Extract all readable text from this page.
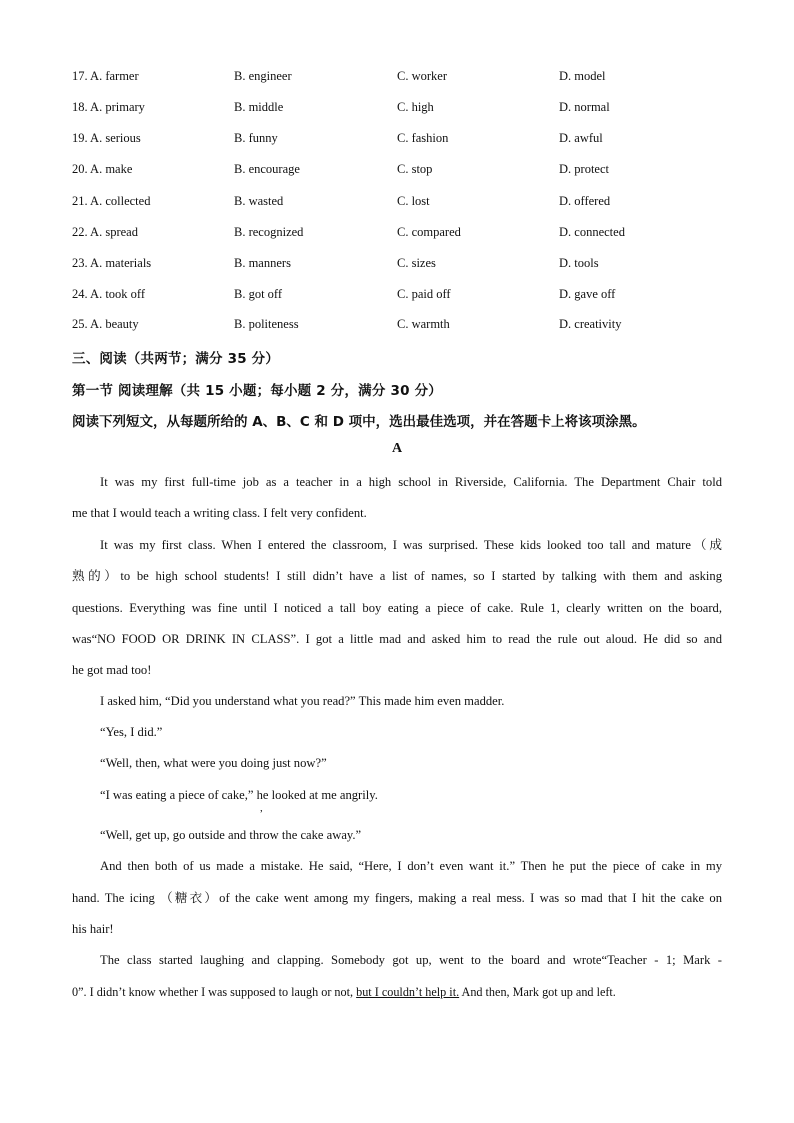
17. A. farmer	B. engineer	C. worker	D. model
18. A. primary	B. middle	C. high	D. normal
19. A. serious	B. funny	C. fashion	D. awful
20. A. make	B. encourage	C. stop	D. protect
21. A. collected	B. wasted	C. lost	D. offered
22. A. spread	B. recognized	C. compared	D. connected
23. A. materials	B. manners	C. sizes	D. tools
24. A. took off	B. got off	C. paid off	D. gave off
25. A. beauty	B. politeness	C. warmth	D. creativity
三、阅读（共两节；满分 35 分）
第一节 阅读理解（共 15 小题；每小题 2 分，满分 30 分）
阅读下列短文，从每题所给的 A、B、C 和 D 项中，选出最佳选项，并在答题卡上将该项涂黑。
A
It was my first full-time job as a teacher in a high school in Riverside, California. The Department Chair told
me that I would teach a writing class. I felt very confident.
It was my first class. When I entered the classroom, I was surprised. These kids looked too tall and mature（成
熟的）to be high school students! I still didn’t have a list of names, so I started by talking with them and asking
questions. Everything was fine until I noticed a tall boy eating a piece of cake. Rule 1, clearly written on the board,
was“NO FOOD OR DRINK IN CLASS”. I got a little mad and asked him to read the rule out aloud. He did so and
he got mad too!
I asked him, “Did you understand what you read?” This made him even madder.
“Yes, I did.”
“Well, then, what were you doing just now?”
“I was eating a piece of cake,” he looked at me angrily.
,
“Well, get up, go outside and throw the cake away.”
And then both of us made a mistake. He said, “Here, I don’t even want it.” Then he put the piece of cake in my
hand. The icing （糖衣）of the cake went among my fingers, making a real mess. I was so mad that I hit the cake on
his hair!
The class started laughing and clapping. Somebody got up, went to the board and wrote“Teacher - 1; Mark -
0”. I didn’t know whether I was supposed to laugh or not, but I couldn’t help it. And then, Mark got up and left.
